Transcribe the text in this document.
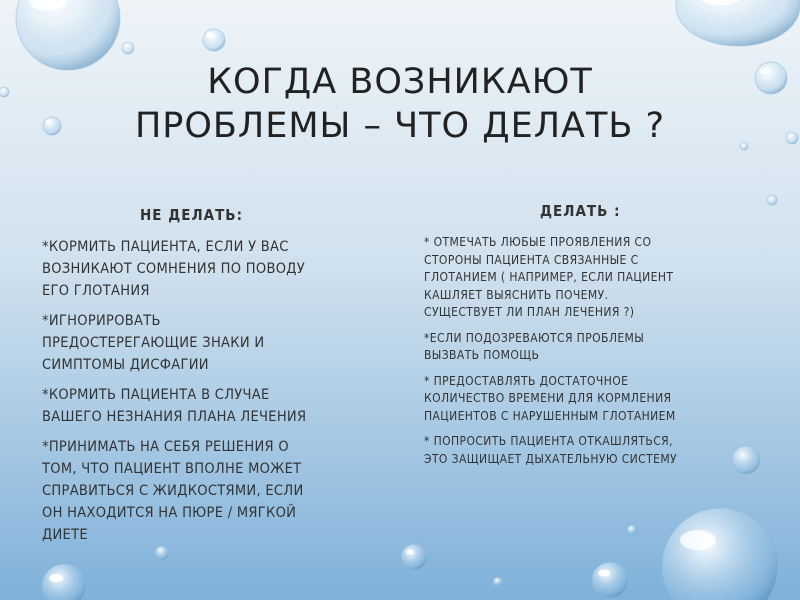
КОГДА ВОЗНИКАЮТ
ПРОБЛЕМЫ – ЧТО ДЕЛАТЬ ?
НЕ ДЕЛАТЬ:
*КОРМИТЬ ПАЦИЕНТА, ЕСЛИ У ВАС
ВОЗНИКАЮТ СОМНЕНИЯ ПО ПОВОДУ
ЕГО ГЛОТАНИЯ
*ИГНОРИРОВАТЬ
ПРЕДОСТЕРЕГАЮЩИЕ ЗНАКИ И
СИМПТОМЫ ДИСФАГИИ
*КОРМИТЬ ПАЦИЕНТА В СЛУЧАЕ
ВАШЕГО НЕЗНАНИЯ ПЛАНА ЛЕЧЕНИЯ
*ПРИНИМАТЬ НА СЕБЯ РЕШЕНИЯ О
ТОМ, ЧТО ПАЦИЕНТ ВПОЛНЕ МОЖЕТ
СПРАВИТЬСЯ С ЖИДКОСТЯМИ, ЕСЛИ
ОН НАХОДИТСЯ НА ПЮРЕ / МЯГКОЙ
ДИЕТЕ
ДЕЛАТЬ :
* ОТМЕЧАТЬ ЛЮБЫЕ ПРОЯВЛЕНИЯ СО
СТОРОНЫ ПАЦИЕНТА СВЯЗАННЫЕ С
ГЛОТАНИЕМ ( НАПРИМЕР, ЕСЛИ ПАЦИЕНТ
КАШЛЯЕТ ВЫЯСНИТЬ ПОЧЕМУ.
СУЩЕСТВУЕТ ЛИ ПЛАН ЛЕЧЕНИЯ ?)
*ЕСЛИ ПОДОЗРЕВАЮТСЯ ПРОБЛЕМЫ
ВЫЗВАТЬ ПОМОЩЬ
* ПРЕДОСТАВЛЯТЬ ДОСТАТОЧНОЕ
КОЛИЧЕСТВО ВРЕМЕНИ ДЛЯ КОРМЛЕНИЯ
ПАЦИЕНТОВ С НАРУШЕННЫМ ГЛОТАНИЕМ
* ПОПРОСИТЬ ПАЦИЕНТА ОТКАШЛЯТЬСЯ,
ЭТО ЗАЩИЩАЕТ ДЫХАТЕЛЬНУЮ СИСТЕМУ
